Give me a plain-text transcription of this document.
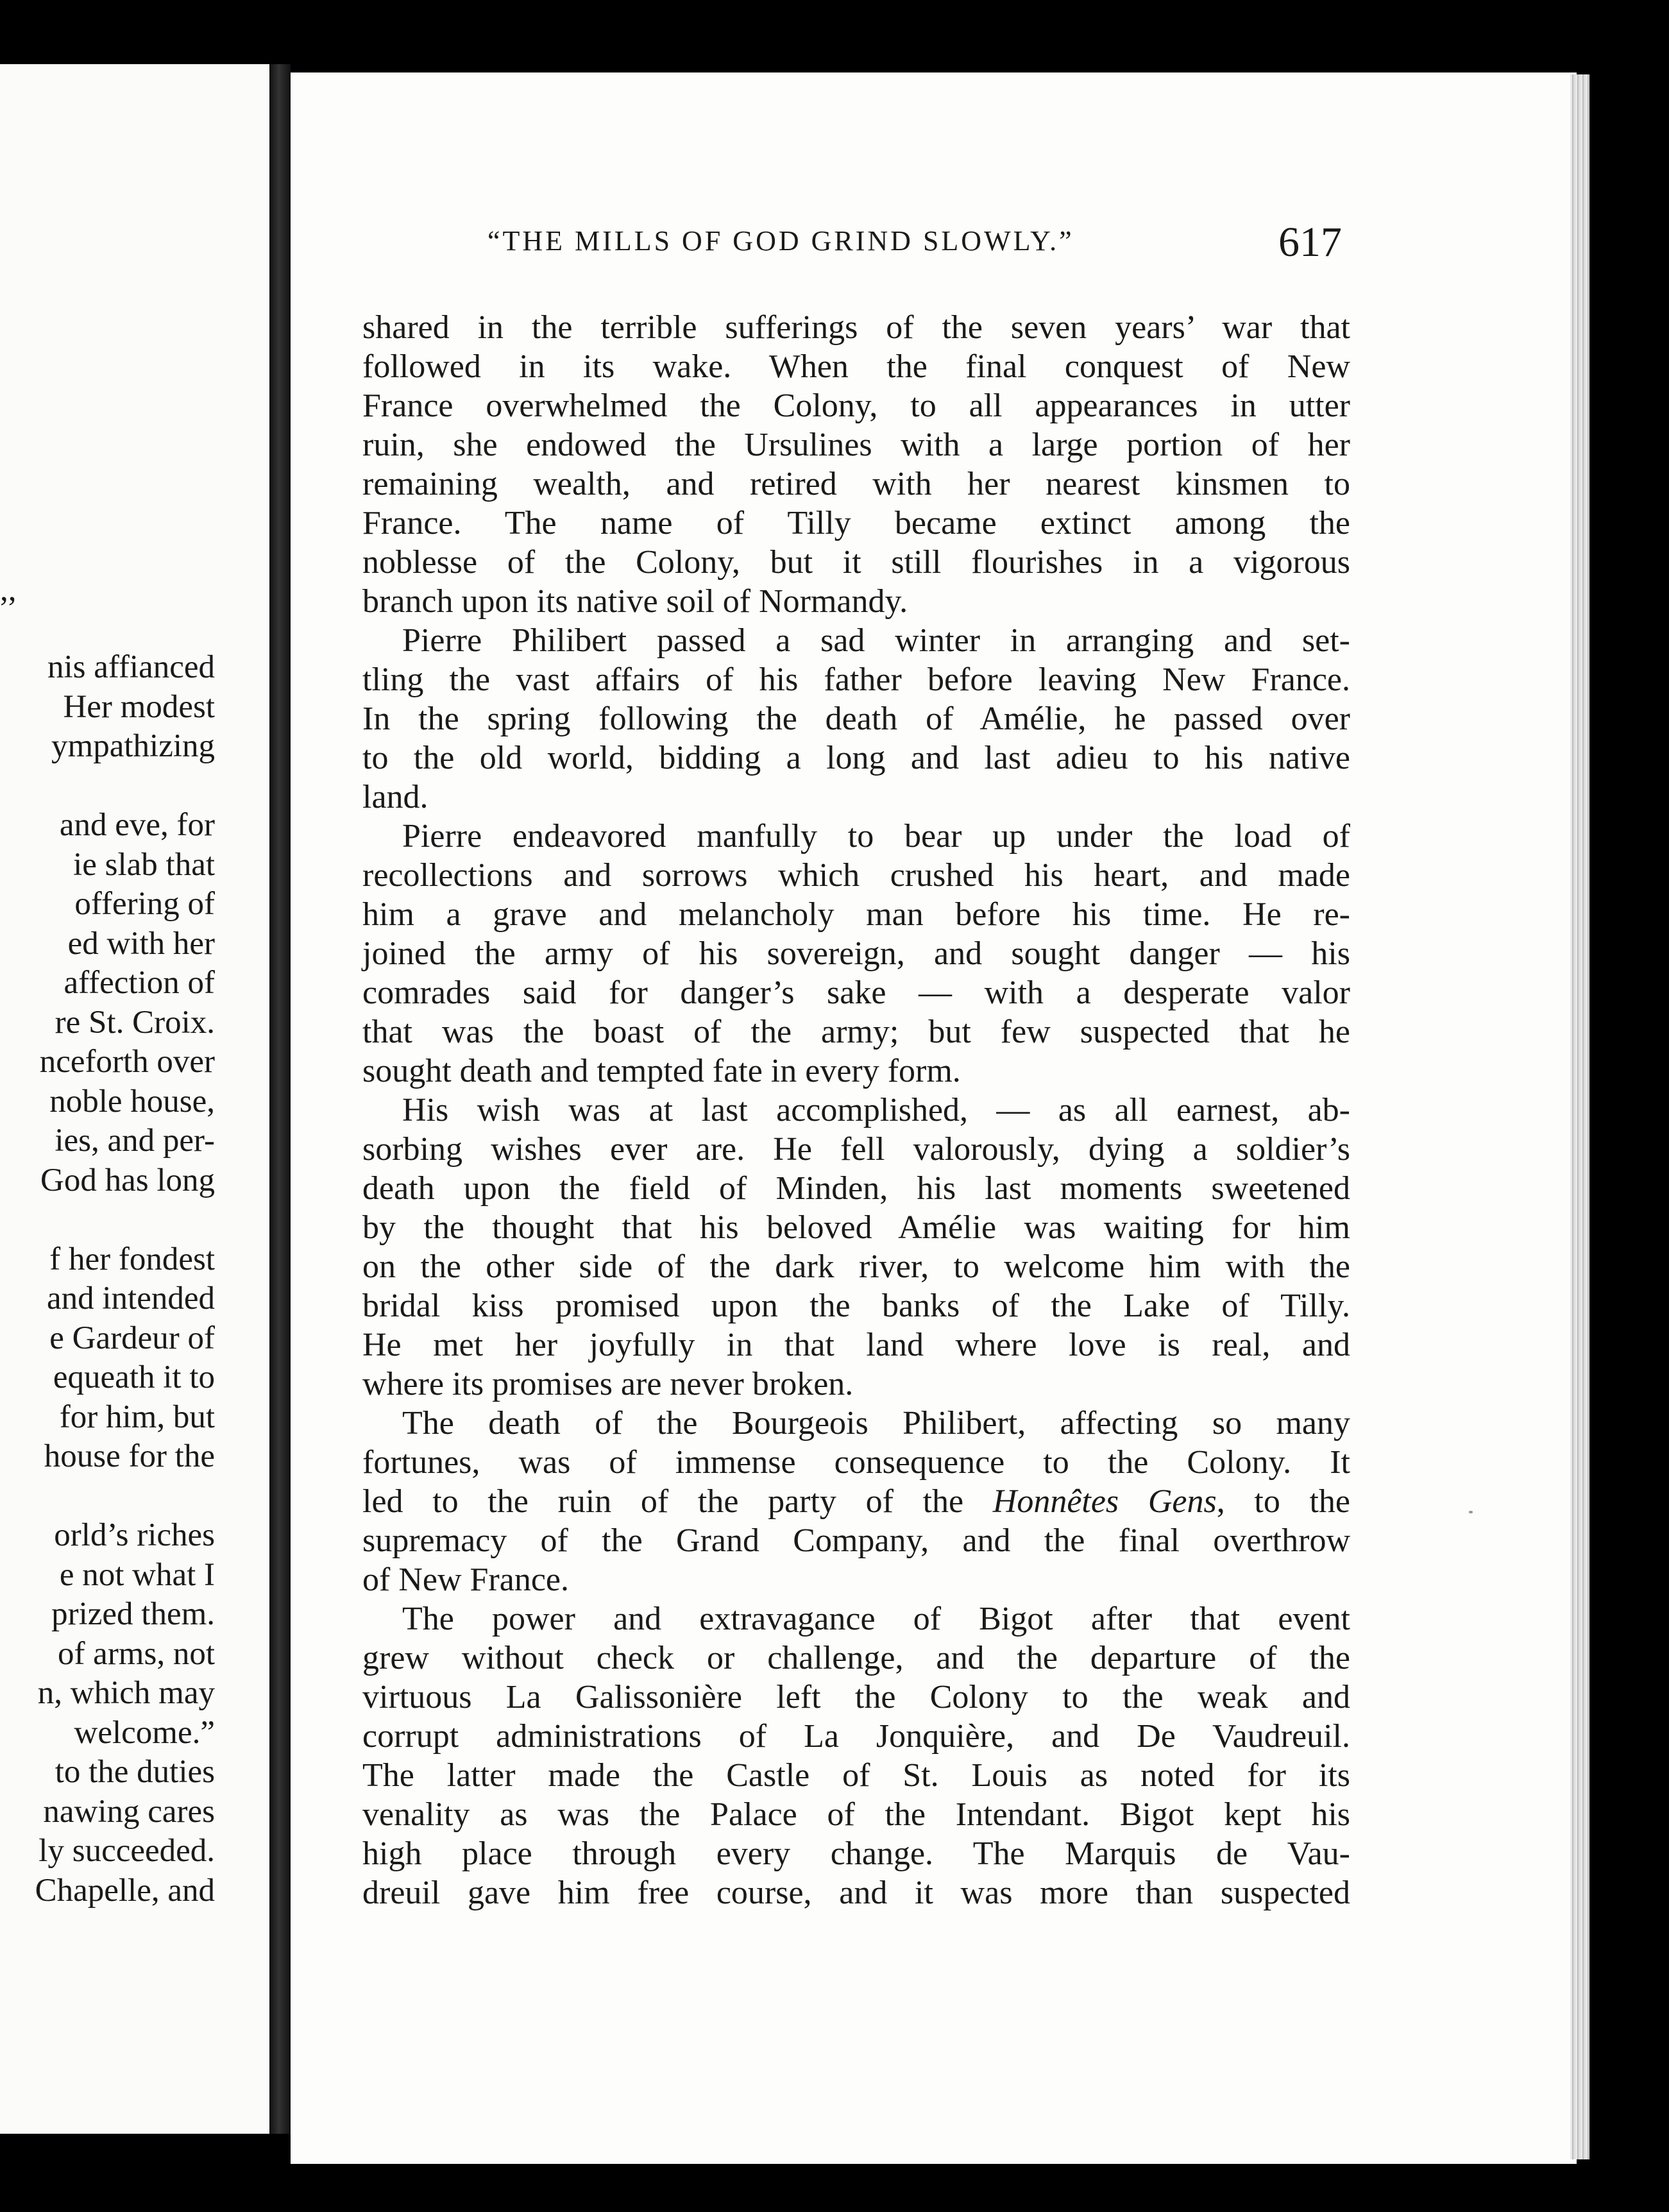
,,
nis affianced
Her modest
ympathizing
and eve, for
ie slab that
offering of
ed with her
affection of
re St. Croix.
nceforth over
noble house,
ies, and per-
God has long
f her fondest
and intended
e Gardeur of
equeath it to
for him, but
house for the
orld’s riches
e not what I
prized them.
of arms, not
n, which may
welcome.”
to the duties
nawing cares
ly succeeded.
Chapelle, and
“THE MILLS OF GOD GRIND SLOWLY.”	617
shared in the terrible sufferings of the seven years’ war that
followed in its wake. When the final conquest of New
France overwhelmed the Colony, to all appearances in utter
ruin, she endowed the Ursulines with a large portion of her
remaining wealth, and retired with her nearest kinsmen to
France. The name of Tilly became extinct among the
noblesse of the Colony, but it still flourishes in a vigorous
branch upon its native soil of Normandy.
Pierre Philibert passed a sad winter in arranging and set-
tling the vast affairs of his father before leaving New France.
In the spring following the death of Amélie, he passed over
to the old world, bidding a long and last adieu to his native
land.
Pierre endeavored manfully to bear up under the load of
recollections and sorrows which crushed his heart, and made
him a grave and melancholy man before his time. He re-
joined the army of his sovereign, and sought danger — his
comrades said for danger’s sake — with a desperate valor
that was the boast of the army; but few suspected that he
sought death and tempted fate in every form.
His wish was at last accomplished, — as all earnest, ab-
sorbing wishes ever are. He fell valorously, dying a soldier’s
death upon the field of Minden, his last moments sweetened
by the thought that his beloved Amélie was waiting for him
on the other side of the dark river, to welcome him with the
bridal kiss promised upon the banks of the Lake of Tilly.
He met her joyfully in that land where love is real, and
where its promises are never broken.
The death of the Bourgeois Philibert, affecting so many
fortunes, was of immense consequence to the Colony. It
led to the ruin of the party of the Honnêtes Gens, to the
supremacy of the Grand Company, and the final overthrow
of New France.
The power and extravagance of Bigot after that event
grew without check or challenge, and the departure of the
virtuous La Galissonière left the Colony to the weak and
corrupt administrations of La Jonquière, and De Vaudreuil.
The latter made the Castle of St. Louis as noted for its
venality as was the Palace of the Intendant. Bigot kept his
high place through every change. The Marquis de Vau-
dreuil gave him free course, and it was more than suspected
